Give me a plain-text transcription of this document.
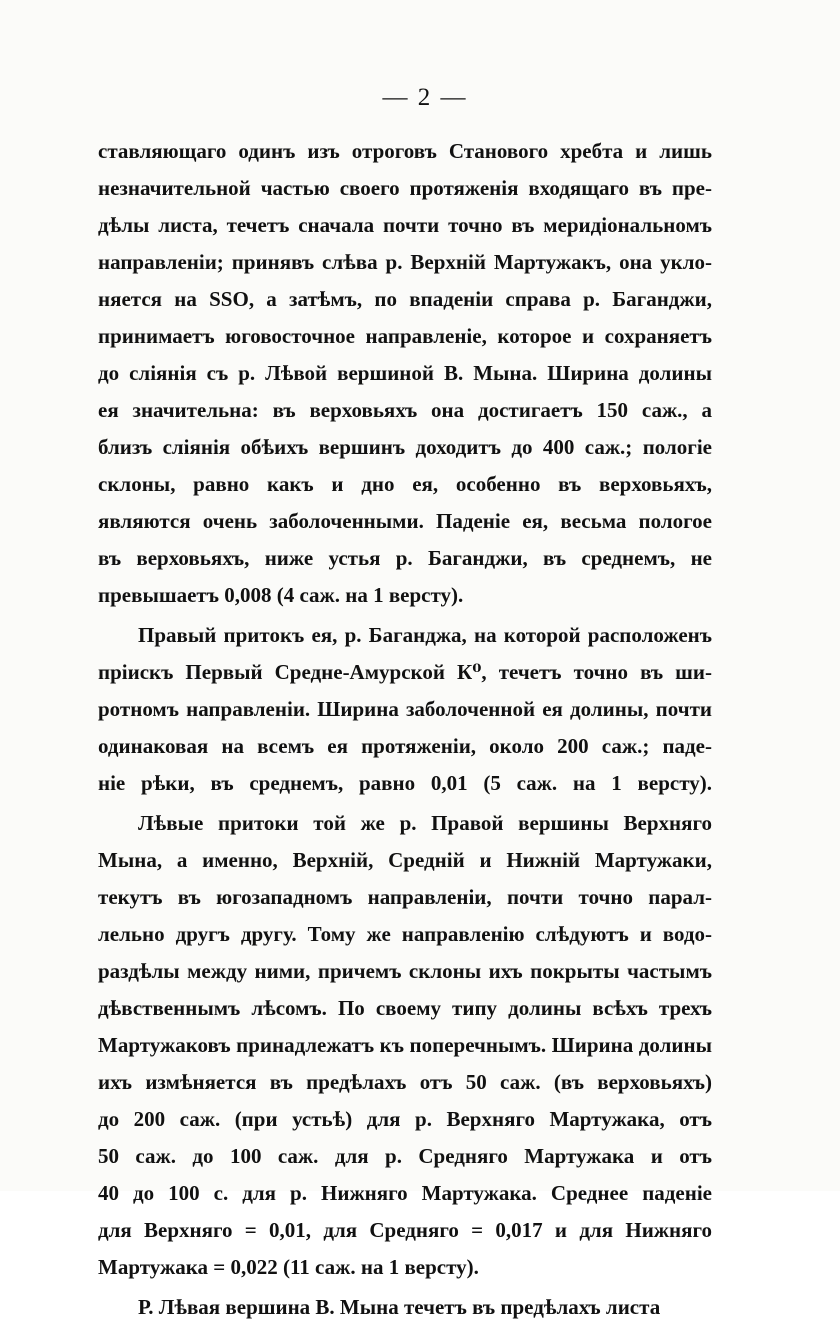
— 2 —
ставляющаго одинъ изъ отроговъ Станового хребта и лишь
незначительной частью своего протяженія входящаго въ пре-
дѣлы листа, течетъ сначала почти точно въ меридіональномъ
направленіи; принявъ слѣва р. Верхній Мартужакъ, она укло-
няется на SSO, а затѣмъ, по впаденіи справа р. Баганджи,
принимаетъ юговосточное направленіе, которое и сохраняетъ
до сліянія съ р. Лѣвой вершиной В. Мына. Ширина долины
ея значительна: въ верховьяхъ она достигаетъ 150 саж., а
близъ сліянія обѣихъ вершинъ доходитъ до 400 саж.; пологіе
склоны, равно какъ и дно ея, особенно въ верховьяхъ,
являются очень заболоченными. Паденіе ея, весьма пологое
въ верховьяхъ, ниже устья р. Баганджи, въ среднемъ, не
превышаетъ 0,008 (4 саж. на 1 версту).
Правый притокъ ея, р. Баганджа, на которой расположенъ
пріискъ Первый Средне-Амурской К⁰, течетъ точно въ ши-
ротномъ направленіи. Ширина заболоченной ея долины, почти
одинаковая на всемъ ея протяженіи, около 200 саж.; паде-
ніе рѣки, въ среднемъ, равно 0,01 (5 саж. на 1 версту).
Лѣвые притоки той же р. Правой вершины Верхняго
Мына, а именно, Верхній, Средній и Нижній Мартужаки,
текутъ въ югозападномъ направленіи, почти точно парал-
лельно другъ другу. Тому же направленію слѣдуютъ и водо-
раздѣлы между ними, причемъ склоны ихъ покрыты частымъ
дѣвственнымъ лѣсомъ. По своему типу долины всѣхъ трехъ
Мартужаковъ принадлежатъ къ поперечнымъ. Ширина долины
ихъ измѣняется въ предѣлахъ отъ 50 саж. (въ верховьяхъ)
до 200 саж. (при устьѣ) для р. Верхняго Мартужака, отъ
50 саж. до 100 саж. для р. Средняго Мартужака и отъ
40 до 100 с. для р. Нижняго Мартужака. Среднее паденіе
для Верхняго = 0,01, для Средняго = 0,017 и для Нижняго
Мартужака = 0,022 (11 саж. на 1 версту).
Р. Лѣвая вершина В. Мына течетъ въ предѣлахъ листа
